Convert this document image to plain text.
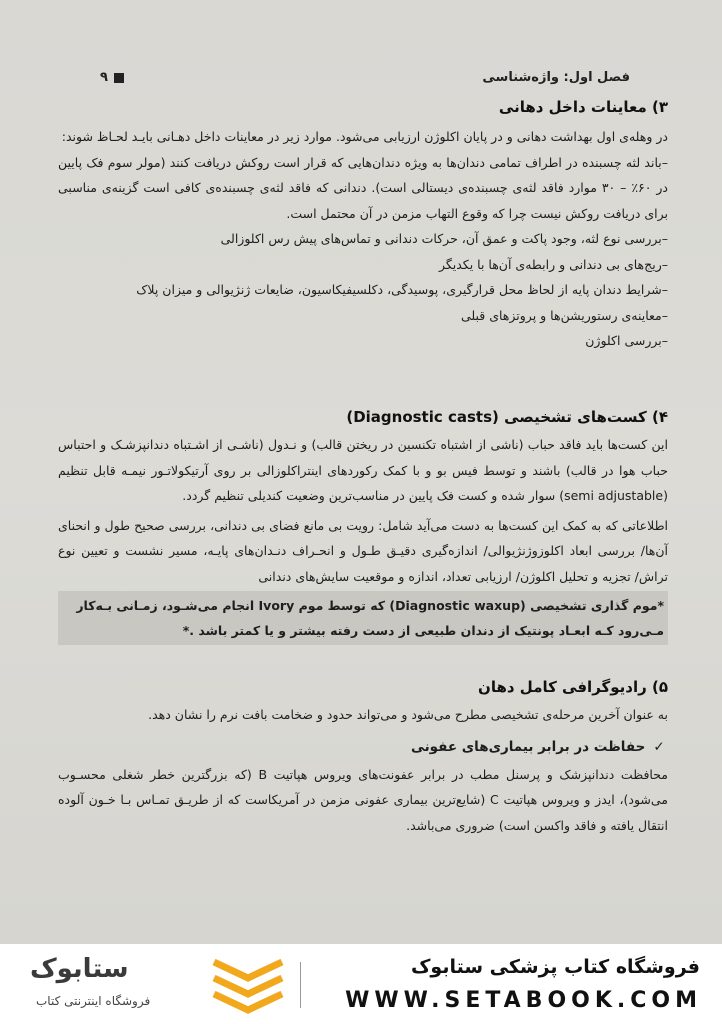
فصل اول: واژه‌شناسی
۹
۳) معاینات داخل دهانی

در وهله‌ی اول بهداشت دهانی و در پایان اکلوژن ارزیابی می‌شود. موارد زیر در معاینات داخل دهـانی بایـد لحـاظ شوند:

–باند لثه چسبنده در اطراف تمامی دندان‌ها به ویژه دندان‌هایی که قرار است روکش دریافت کنند (مولر سوم فک پایین در ۶۰٪ – ۳۰ موارد فاقد لثه‌ی چسبنده‌ی دیستالی است). دندانی که فاقد لثه‌ی چسبنده‌ی کافی است گزینه‌ی مناسبی برای دریافت روکش نیست چرا که وقوع التهاب مزمن در آن محتمل است.
–بررسی نوع لثه، وجود پاکت و عمق آن، حرکات دندانی و تماس‌های پیش رس اکلوزالی
–ریج‌های بی دندانی و رابطه‌ی آن‌ها با یکدیگر
–شرایط دندان پایه از لحاظ محل قرارگیری، پوسیدگی، دکلسیفیکاسیون، ضایعات ژنژیوالی و میزان پلاک
–معاینه‌ی رستوریشن‌ها و پروتزهای قبلی
–بررسی اکلوژن
۴) کست‌های تشخیصی (Diagnostic casts)

این کست‌ها باید فاقد حباب (ناشی از اشتباه تکنسین در ریختن قالب) و نـدول (ناشـی از اشـتباه دندانپزشـک و احتباس حباب هوا در قالب) باشند و توسط فیس بو و با کمک رکوردهای اینتراکلوزالی بر روی آرتیکولاتـور نیمـه قابل تنظیم (semi adjustable) سوار شده و کست فک پایین در مناسب‌ترین وضعیت کندیلی تنظیم گردد.

اطلاعاتی که به کمک این کست‌ها به دست می‌آید شامل: رویت بی مانع فضای بی دندانی، بررسی صحیح طول و انحنای آن‌ها/ بررسی ابعاد اکلوزوژنژیوالی/ اندازه‌گیری دقیـق طـول و انحـراف دنـدان‌های پایـه، مسیر نشست و تعیین نوع تراش/ تجزیه و تحلیل اکلوژن/ ارزیابی تعداد، اندازه و موقعیت سایش‌های دندانی

*موم گذاری تشخیصی (Diagnostic waxup) که توسط موم Ivory انجام می‌شـود، زمـانی بـه‌کار مـی‌رود کـه ابعـاد پونتیک از دندان طبیعی از دست رفته بیشتر و یا کمتر باشد .*
۵) رادیوگرافی کامل دهان

به عنوان آخرین مرحله‌ی تشخیصی مطرح می‌شود و می‌تواند حدود و ضخامت بافت نرم را نشان دهد.

✓ حفاظت در برابر بیماری‌های عفونی

محافظت دندانپزشک و پرسنل مطب در برابر عفونت‌های ویروس هپاتیت B (که بزرگترین خطر شغلی محسـوب می‌شود)، ایدز و ویروس هپاتیت C (شایع‌ترین بیماری عفونی مزمن در آمریکاست که از طریـق تمـاس بـا خـون آلوده انتقال یافته و فاقد واکسن است) ضروری می‌باشد.

ستابوک
فروشگاه اینترنتی کتاب
فروشگاه کتاب پزشکی ستابوک
WWW.SETABOOK.COM
